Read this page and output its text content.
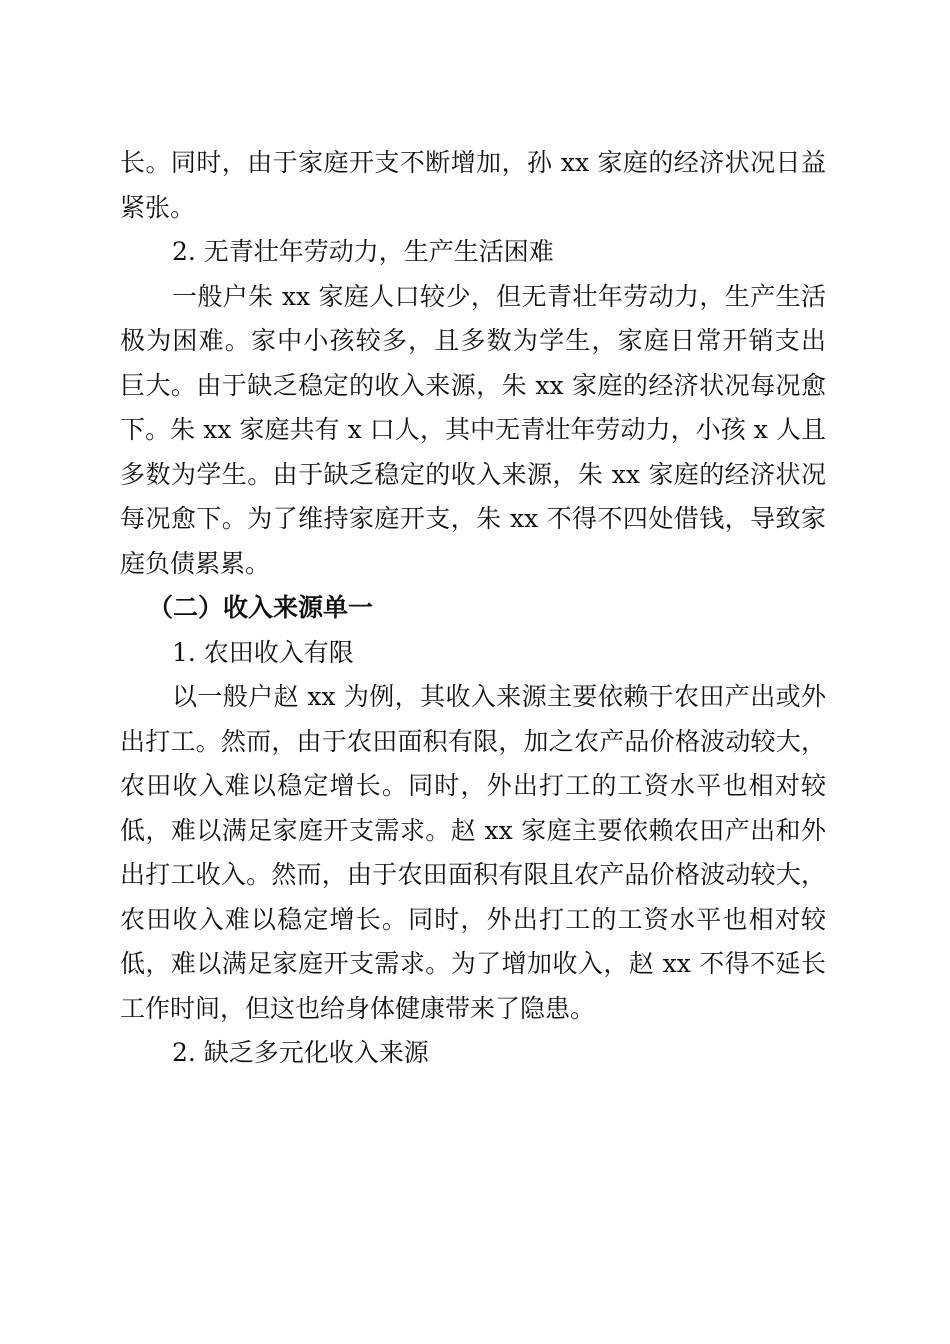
长。同时，由于家庭开支不断增加，孙 xx 家庭的经济状况日益
紧张。
2. 无青壮年劳动力，生产生活困难
一般户朱 xx 家庭人口较少，但无青壮年劳动力，生产生活
极为困难。家中小孩较多，且多数为学生，家庭日常开销支出
巨大。由于缺乏稳定的收入来源，朱 xx 家庭的经济状况每况愈
下。朱 xx 家庭共有 x 口人，其中无青壮年劳动力，小孩 x 人且
多数为学生。由于缺乏稳定的收入来源，朱 xx 家庭的经济状况
每况愈下。为了维持家庭开支，朱 xx 不得不四处借钱，导致家
庭负债累累。
（二）收入来源单一
1. 农田收入有限
以一般户赵 xx 为例，其收入来源主要依赖于农田产出或外
出打工。然而，由于农田面积有限，加之农产品价格波动较大，
农田收入难以稳定增长。同时，外出打工的工资水平也相对较
低，难以满足家庭开支需求。赵 xx 家庭主要依赖农田产出和外
出打工收入。然而，由于农田面积有限且农产品价格波动较大，
农田收入难以稳定增长。同时，外出打工的工资水平也相对较
低，难以满足家庭开支需求。为了增加收入，赵 xx 不得不延长
工作时间，但这也给身体健康带来了隐患。
2. 缺乏多元化收入来源
